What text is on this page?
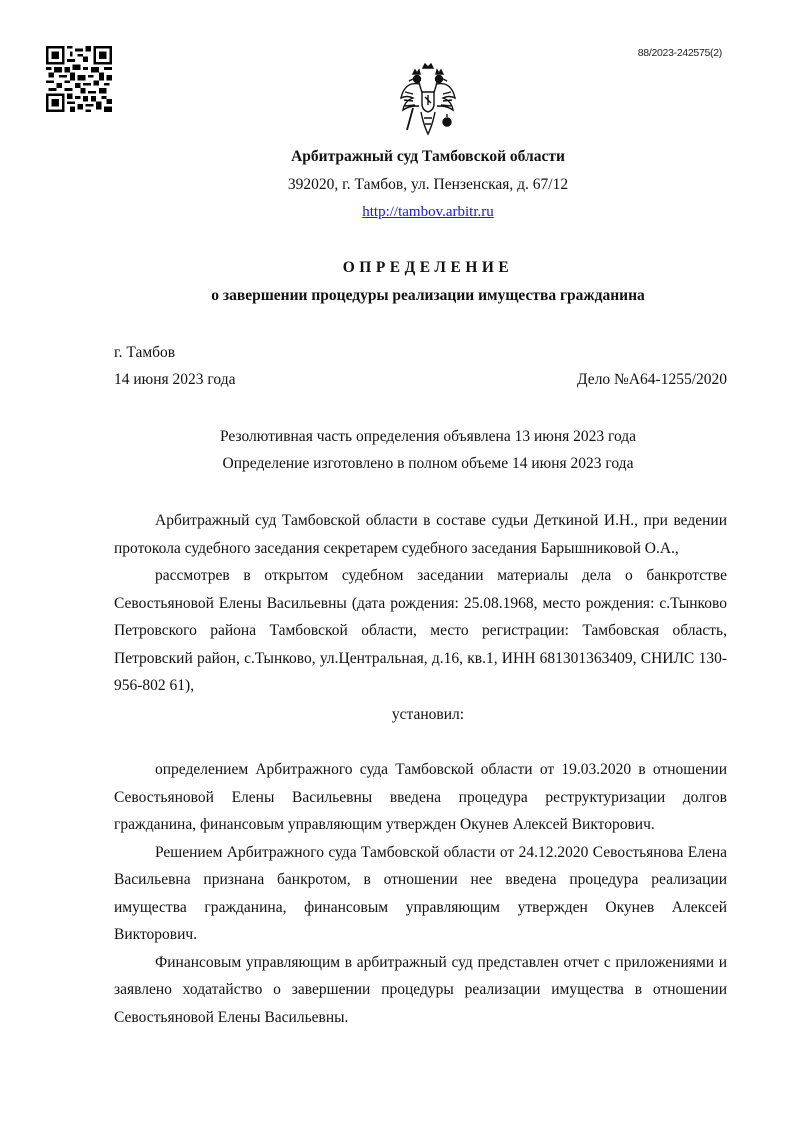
88/2023-242575(2)
Арбитражный суд Тамбовской области
392020, г. Тамбов, ул. Пензенская, д. 67/12
http://tambov.arbitr.ru
ОПРЕДЕЛЕНИЕ
о завершении процедуры реализации имущества гражданина
г. Тамбов
14 июня 2023 года	Дело №А64-1255/2020
Резолютивная часть определения объявлена 13 июня 2023 года
Определение изготовлено в полном объеме 14 июня 2023 года

Арбитражный суд Тамбовской области в составе судьи Деткиной И.Н., при ведении протокола судебного заседания секретарем судебного заседания Барышниковой О.А.,

рассмотрев в открытом судебном заседании материалы дела о банкротстве Севостьяновой Елены Васильевны (дата рождения: 25.08.1968, место рождения: с.Тынково Петровского района Тамбовской области, место регистрации: Тамбовская область, Петровский район, с.Тынково, ул.Центральная, д.16, кв.1, ИНН 681301363409, СНИЛС 130-956-802 61),

установил:

определением Арбитражного суда Тамбовской области от 19.03.2020 в отношении Севостьяновой Елены Васильевны введена процедура реструктуризации долгов гражданина, финансовым управляющим утвержден Окунев Алексей Викторович.

Решением Арбитражного суда Тамбовской области от 24.12.2020 Севостьянова Елена Васильевна признана банкротом, в отношении нее введена процедура реализации имущества гражданина, финансовым управляющим утвержден Окунев Алексей Викторович.

Финансовым управляющим в арбитражный суд представлен отчет с приложениями и заявлено ходатайство о завершении процедуры реализации имущества в отношении Севостьяновой Елены Васильевны.
